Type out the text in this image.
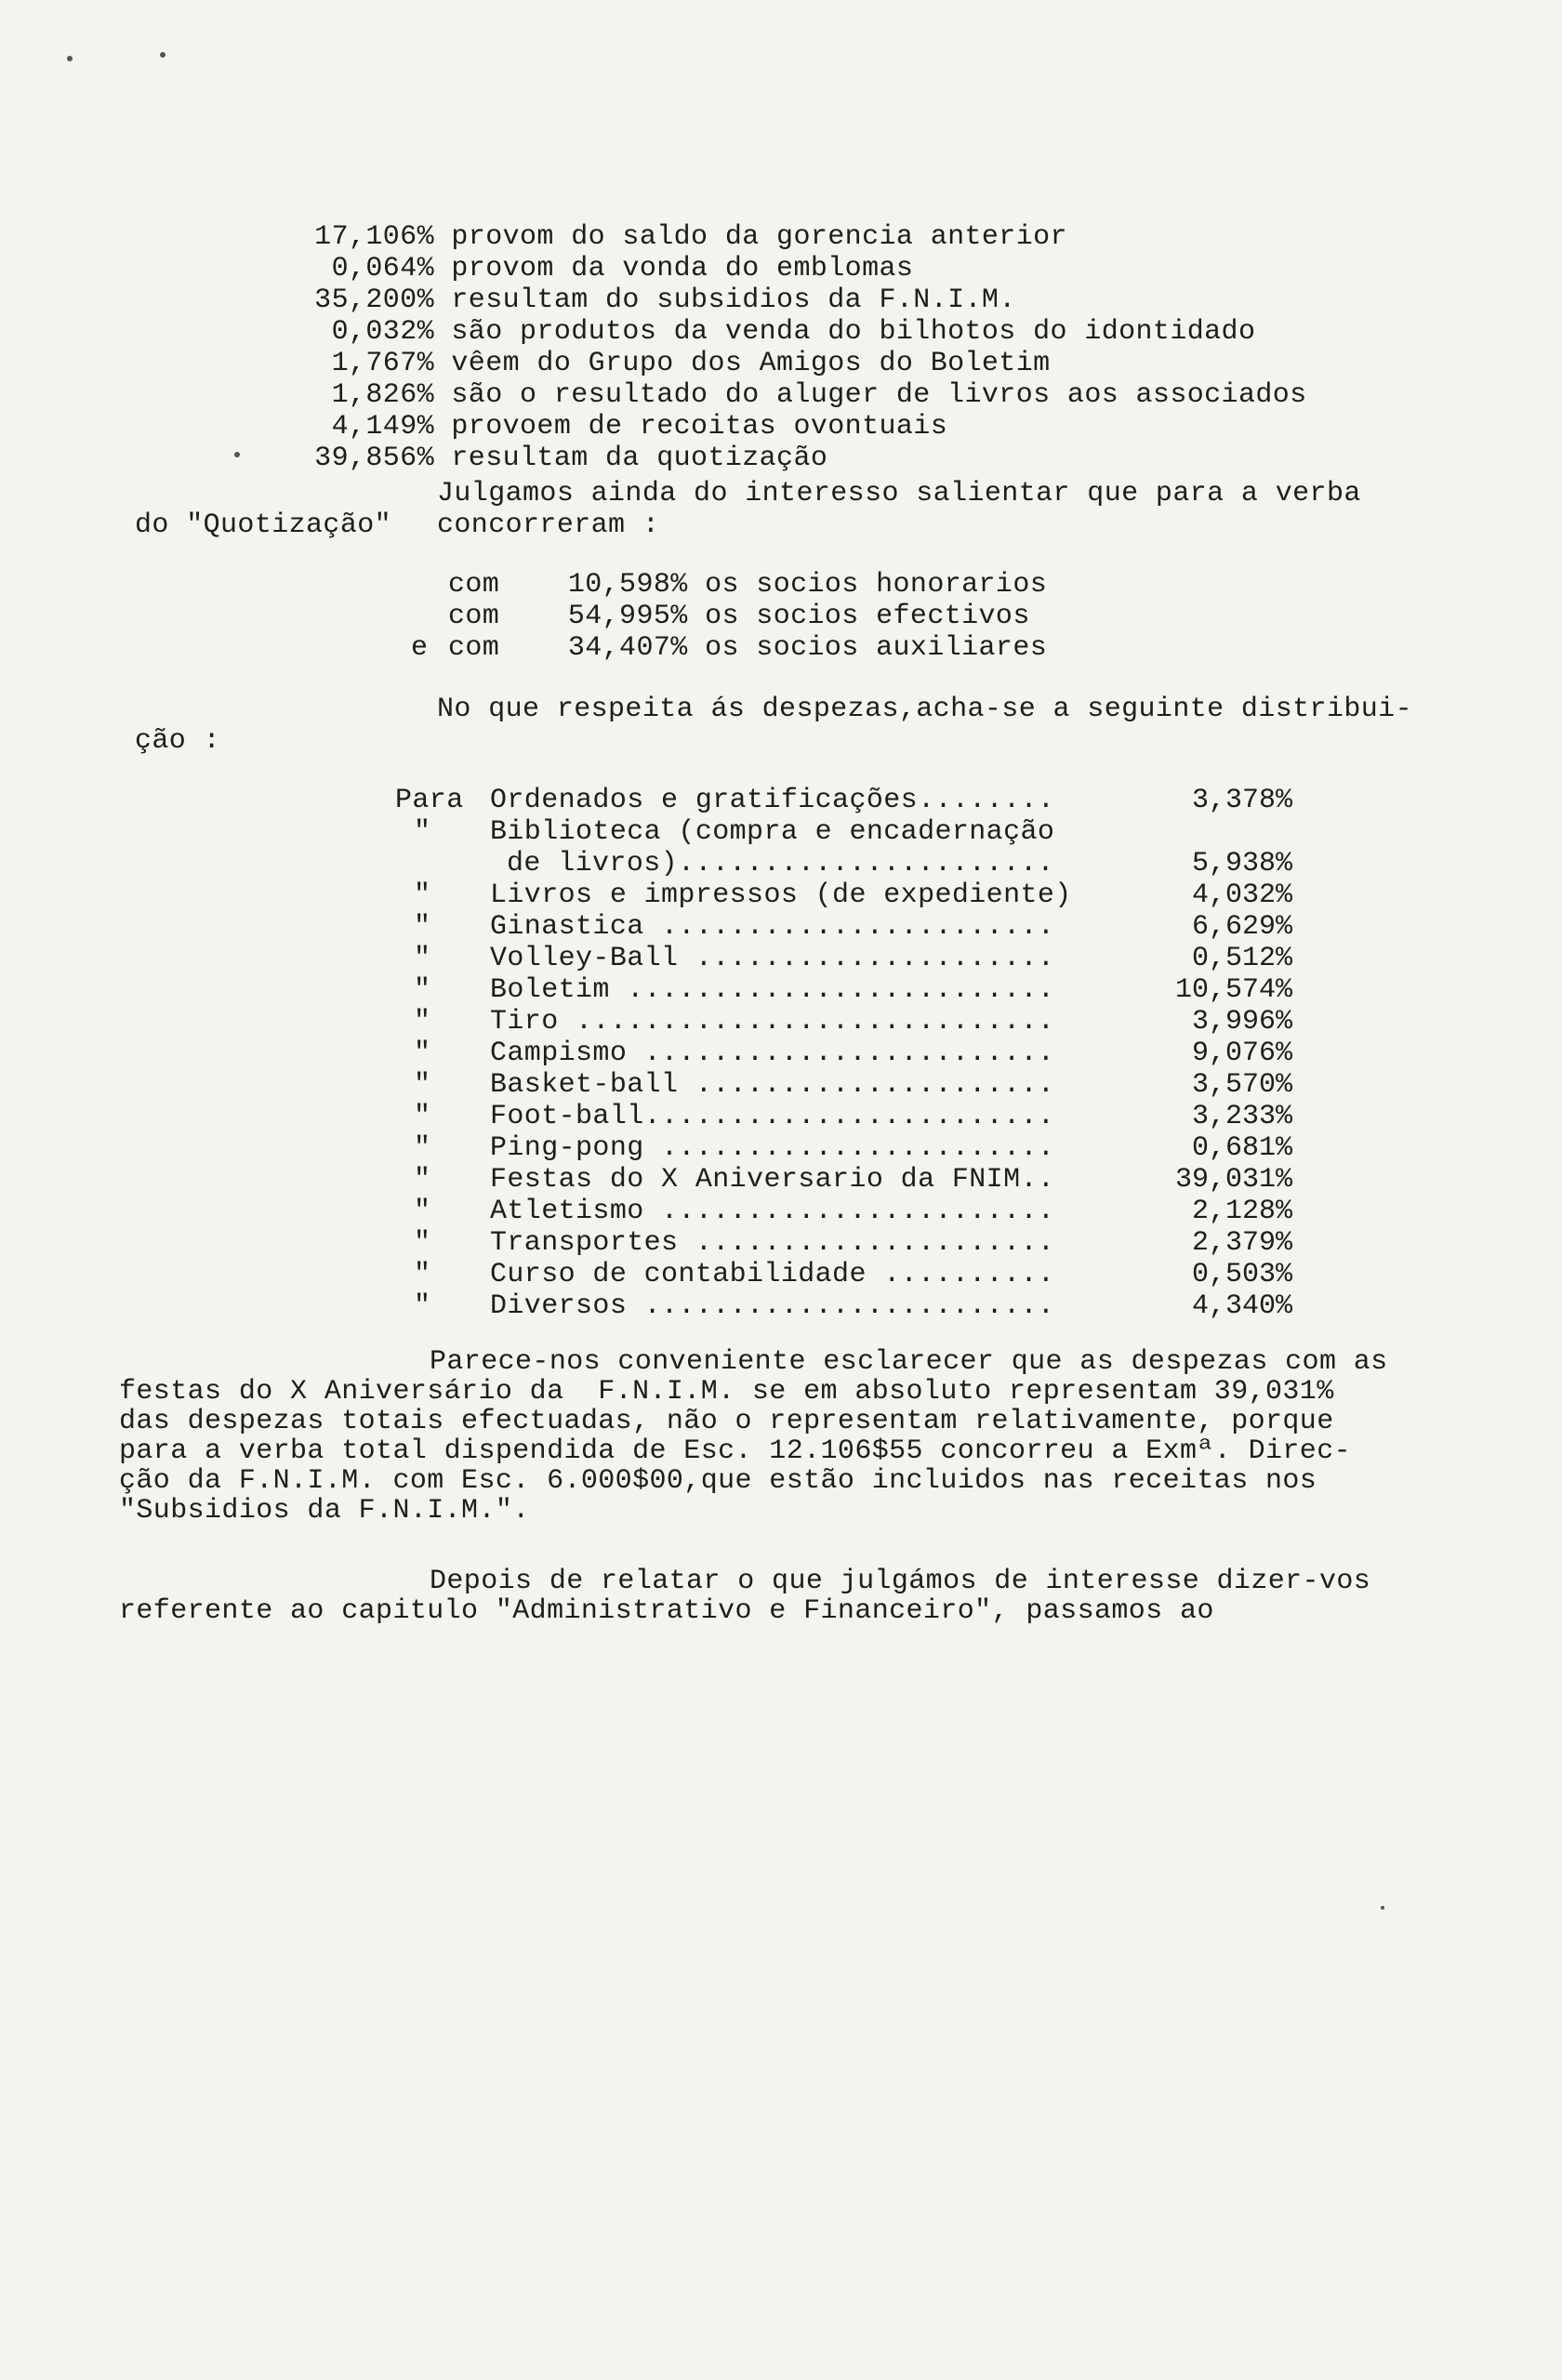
17,106% provom do saldo da gorencia anterior
0,064% provom da vonda do emblomas
35,200% resultam do subsidios da F.N.I.M.
0,032% são produtos da venda do bilhotos do idontidado
1,767% vêem do Grupo dos Amigos do Boletim
1,826% são o resultado do aluger de livros aos associados
4,149% provoem de recoitas ovontuais
39,856% resultam da quotização
Julgamos ainda do interesso salientar que para a verba
do "Quotização" concorreram :
com 10,598% os socios honorarios
com 54,995% os socios efectivos
e com 34,407% os socios auxiliares
No que respeita ás despezas,acha-se a seguinte distribui-
ção :
Para Ordenados e gratificações........	3,378%
" Biblioteca (compra e encadernação
de livros)......................	5,938%
" Livros e impressos (de expediente)	4,032%
" Ginastica .......................	6,629%
" Volley-Ball .....................	0,512%
" Boletim .........................	10,574%
" Tiro ............................	3,996%
" Campismo ........................	9,076%
" Basket-ball .....................	3,570%
" Foot-ball........................	3,233%
" Ping-pong .......................	0,681%
" Festas do X Aniversario da FNIM..	39,031%
" Atletismo .......................	2,128%
" Transportes .....................	2,379%
" Curso de contabilidade ..........	0,503%
" Diversos ........................	4,340%
Parece-nos conveniente esclarecer que as despezas com as
festas do X Aniversário da  F.N.I.M. se em absoluto representam 39,031%
das despezas totais efectuadas, não o representam relativamente, porque
para a verba total dispendida de Esc. 12.106$55 concorreu a Exmª. Direc-
ção da F.N.I.M. com Esc. 6.000$00,que estão incluidos nas receitas nos
"Subsidios da F.N.I.M.".
Depois de relatar o que julgámos de interesse dizer-vos
referente ao capitulo "Administrativo e Financeiro", passamos ao
